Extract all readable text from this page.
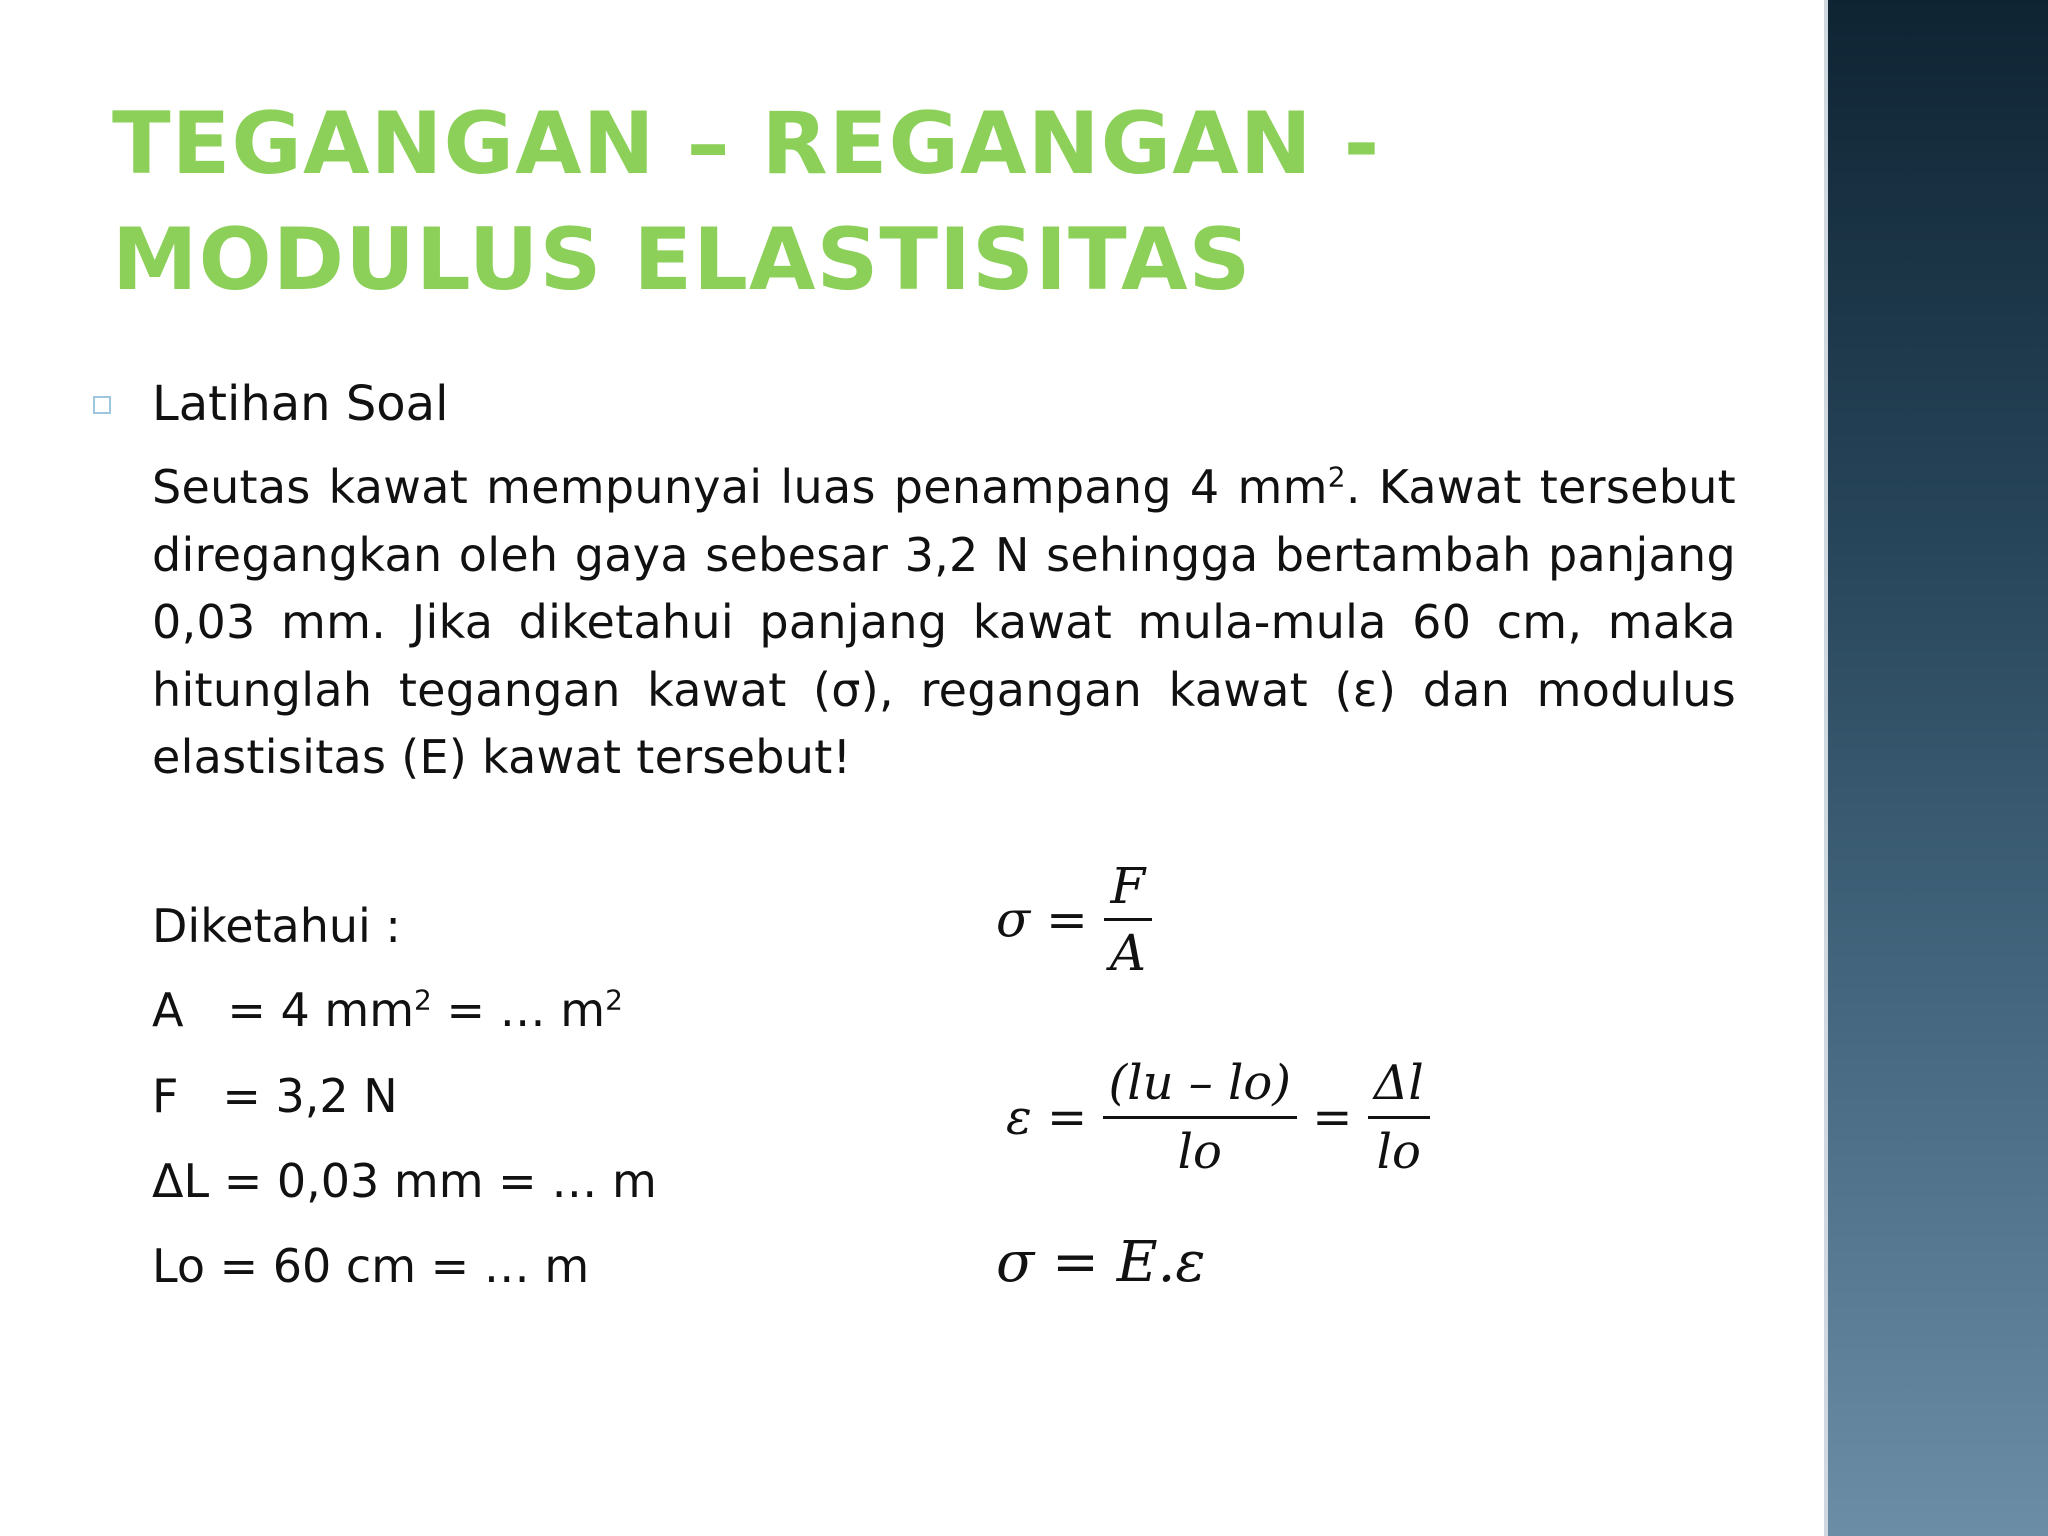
TEGANGAN – REGANGAN -
MODULUS ELASTISITAS
Latihan Soal

Seutas kawat mempunyai luas penampang 4 $mm^2$. Kawat tersebut diregangkan oleh gaya sebesar 3,2 N sehingga bertambah panjang 0,03 mm. Jika diketahui panjang kawat mula-mula 60 cm, maka hitunglah tegangan kawat (σ), regangan kawat (ε) dan modulus elastisitas (E) kawat tersebut!

Diketahui :
A   = 4 $mm^2$ = … $m^2$
F   = 3,2 N
ΔL = 0,03 mm = … m
Lo = 60 cm = … m
$\sigma = \frac{F}{A}$
$\varepsilon = \frac{(lu - lo)}{lo} = \frac{\Delta l}{lo}$
σ = E.ε
